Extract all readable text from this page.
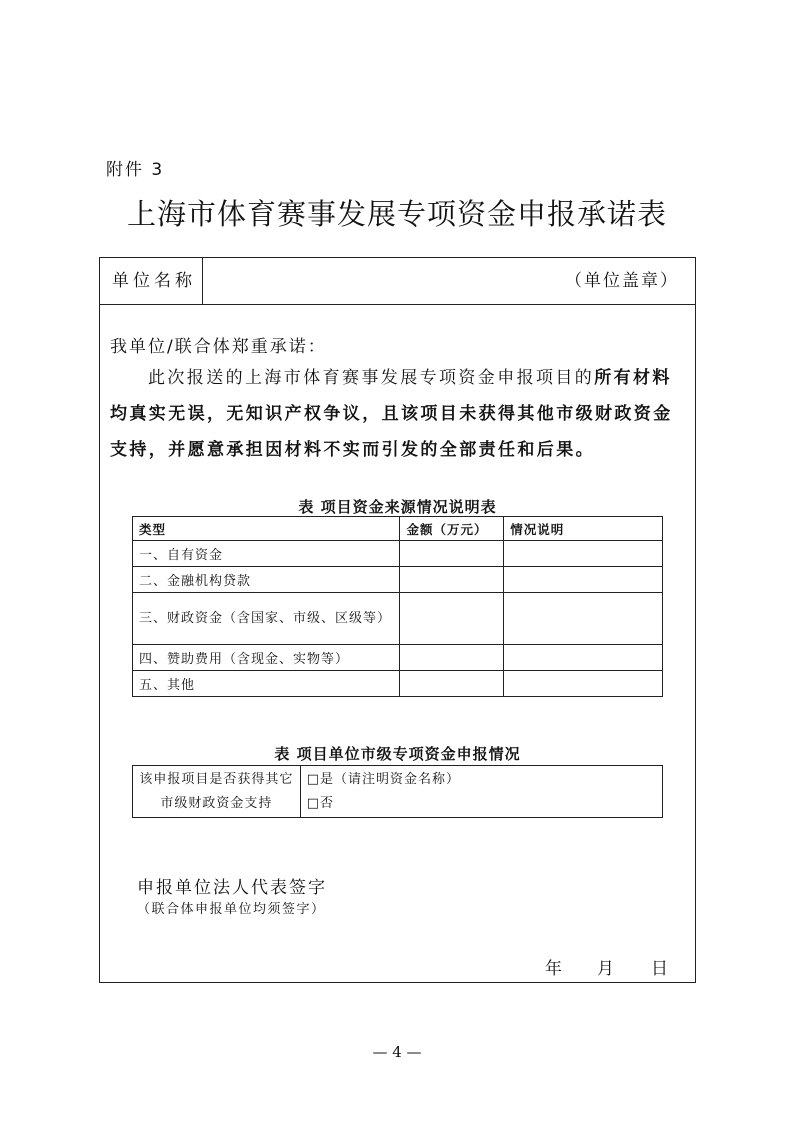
附件 3
上海市体育赛事发展专项资金申报承诺表
单位名称	（单位盖章）
我单位/联合体郑重承诺：
此次报送的上海市体育赛事发展专项资金申报项目的所有材料均真实无误，无知识产权争议，且该项目未获得其他市级财政资金支持，并愿意承担因材料不实而引发的全部责任和后果。
表 项目资金来源情况说明表
类型	金额（万元）	情况说明
一、自有资金		
二、金融机构贷款		
三、财政资金（含国家、市级、区级等）		
四、赞助费用（含现金、实物等）		
五、其他		
表 项目单位市级专项资金申报情况
该申报项目是否获得其它市级财政资金支持	
□是（请注明资金名称）
□否
申报单位法人代表签字
（联合体申报单位均须签字）
年 月 日
— 4 —
